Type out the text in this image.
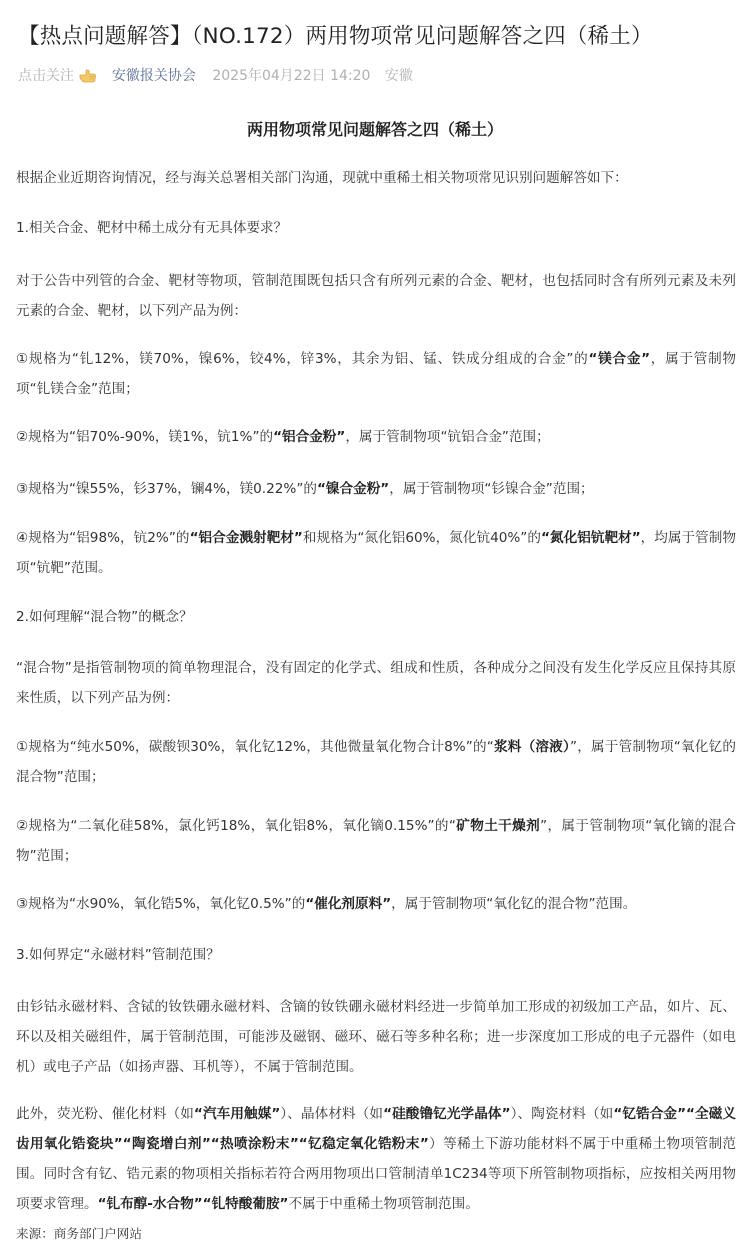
【热点问题解答】（NO.172）两用物项常见问题解答之四（稀土）
点击关注	安徽报关协会 2025年04月22日 14:20 安徽
两用物项常见问题解答之四（稀土）
根据企业近期咨询情况，经与海关总署相关部门沟通，现就中重稀土相关物项常见识别问题解答如下：
1.相关合金、靶材中稀土成分有无具体要求？
对于公告中列管的合金、靶材等物项，管制范围既包括只含有所列元素的合金、靶材，也包括同时含有所列元素及未列元素的合金、靶材，以下列产品为例：
①规格为“钆12%，镁70%，镍6%，铰4%，锌3%，其余为铝、锰、铁成分组成的合金”的“镁合金”，属于管制物项“钆镁合金”范围；
②规格为“铝70%-90%，镁1%，钪1%”的“铝合金粉”，属于管制物项“钪铝合金”范围；
③规格为“镍55%，钐37%，镧4%，镁0.22%”的“镍合金粉”，属于管制物项“钐镍合金”范围；
④规格为“铝98%，钪2%”的“铝合金溅射靶材”和规格为“氮化铝60%，氮化钪40%”的“氮化铝钪靶材”，均属于管制物项“钪靶”范围。
2.如何理解“混合物”的概念？
“混合物”是指管制物项的简单物理混合，没有固定的化学式、组成和性质，各种成分之间没有发生化学反应且保持其原来性质，以下列产品为例：
①规格为“纯水50%，碳酸钡30%，氧化钇12%，其他微量氧化物合计8%”的“浆料（溶液）”，属于管制物项“氧化钇的混合物”范围；
②规格为“二氧化硅58%，氯化钙18%，氧化铝8%，氧化镝0.15%”的“矿物土干燥剂”，属于管制物项“氧化镝的混合物”范围；
③规格为“水90%，氧化锆5%，氧化钇0.5%”的“催化剂原料”，属于管制物项“氧化钇的混合物”范围。
3.如何界定“永磁材料”管制范围？
由钐钴永磁材料、含铽的钕铁硼永磁材料、含镝的钕铁硼永磁材料经进一步简单加工形成的初级加工产品，如片、瓦、环以及相关磁组件，属于管制范围，可能涉及磁钢、磁环、磁石等多种名称；进一步深度加工形成的电子元器件（如电机）或电子产品（如扬声器、耳机等），不属于管制范围。
此外，荧光粉、催化材料（如“汽车用触媒”）、晶体材料（如“硅酸镥钇光学晶体”）、陶瓷材料（如“钇锆合金”“全磁义齿用氧化锆瓷块”“陶瓷增白剂”“热喷涂粉末”“钇稳定氧化锆粉末”）等稀土下游功能材料不属于中重稀土物项管制范围。同时含有钇、锆元素的物项相关指标若符合两用物项出口管制清单1C234等项下所管制物项指标，应按相关两用物项要求管理。“钆布醇-水合物”“钆特酸葡胺”不属于中重稀土物项管制范围。
来源：商务部门户网站
